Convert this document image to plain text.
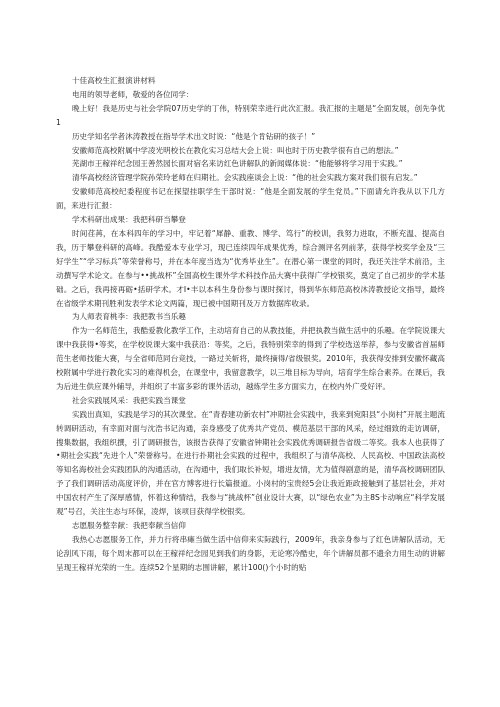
十佳高校生汇报演讲材料

电用的领导老师，敬爱的各位同学：

晚上好！我是历史与社会学院07历史学的丁伟，特别荣幸进行此次汇报。我汇报的主题是“全面发展，创先争优1

历史学知名学者沐涛教授在指导学术出文时说：“他是个肯钻研的孩子！”

安徽师范高校附属中学凌光明校长在教化实习总结大会上说：叫也时于历史教学很有自己的想法。”

芜湖市王稼祥纪念园王善然园长面对宿名来访红色讲解队的新闻媒体说：“他能够将学习用于实践。”

清华高校经济管理学院孙荣玲老师在归期社。会实践座谈会上说：“他的社会实践方案对我们很有启发。”

安徽师范高校纪委程度书记在探望挂职学生干部时说：“他是全面发展的学生党员。”下面请允许我从以下几方面，来进行汇报：

学术科研出成果：我把科研当攀登

时间荏苒，在本科四年的学习中，牢记着“犀静、重教、博学、笃行”的校训，我努力进取，不断充温、提高自我，历于攀登科研的高峰。我酷爱本专业学习，现已连续四年成果优秀，综合测评名列前茅，获得学校奖学金及“三好学生”“学习标兵”等荣誉称号，并在本年度当选为“优秀毕业生”。在潜心第一课堂的同时，我还关注学术前沿，主动撰写学术论文。在参与••挑战杯”全国高校生课外学术科技作品大赛中获得广学校银奖，奠定了自己初步的学术基础。之后，我再接再砺•括研学术。才I•丰以本科生身份参与课时探讨，得到华东师范高校沐涛教授论文指导，最终在省级学术期刊胜利发表学术论文两篇，现已被中国期刊及万方数据库收录。

为人师表育桃李：我把教书当乐趣

作为一名师范生，我酷爱教化教学工作，主动培育自己的从教技能，并把执教当做生活中的乐趣。在学院说课大课中我获得•等奖，在学校说课大案中我获沿：等奖，之后，我特别荣幸的得到了学校选送举荐，参与安徽省首届师范生老师技能大赛，与全省师范同台竞技，一路过关斩将，最终摘得/省级银奖。2010年，我获得安排到安徽怀藏高校附属中学进行教化实习的难得机会，在课堂中，我留意教学，以三堆目标为导向，培育学生综合素养。在课后，我为后进生供应课外辅导，并组织了丰富多彩的课外活动，越炼学生多方面实力，在校内外广受好评。

社会实践展风采：我把实践当课堂

实践出真知，实践是学习的其次课堂。在“青春建功新农村”冲期社会实践中，我来到宛阳县“小岗村”开展主题流转调研活动，有幸面对面与沈浩书记沟通，亲身感受了优秀共产党员、模范基层干部的风采，经过细致的走访调研，搜集数据，我组织撰，引了调研报告，该报告获得了安徽省钟期社会实践优秀调研报告省级二等奖。我本人也获得了•期社会实践“先进个人”荣誉称号。在进行扑期社会实践的过程中，我组织了与清华高校、人民高校、中国政法高校等知名海校社会实践团队的沟通活动，在沟通中，我们取长补短，增进友情，尤为值得剧意的是，清华高校调研团队予了我们调研活动高度评价，并在官方博客进行长篇报道。小岗村的宝贵经5会让我近距政接触到了基层社会，并对中国农村产生了深厚感情，怀着这种情结，我参与“挑战杯”创业设计大赛，以“绿色农业”为主8S卡动响应“科学发展观”号召，关注生态与环保，凌焊，该项目获得学校银奖。

志愿服务整幸献：我把奉献当信仰

我热心志愿服务工作，并力行将串瘫当做生活中信仰来实际践行，2009年，我亲身参与了红色讲解队活动，无论刮风下雨，每个周末都可以在王稼祥纪念园见到我们的身影，无论寒冷酷史，年个讲解员都不遗余力用生动的讲解呈现王稼祥光荣的一生。连续52个星期的志围讲解，累计100()个小时的贴
